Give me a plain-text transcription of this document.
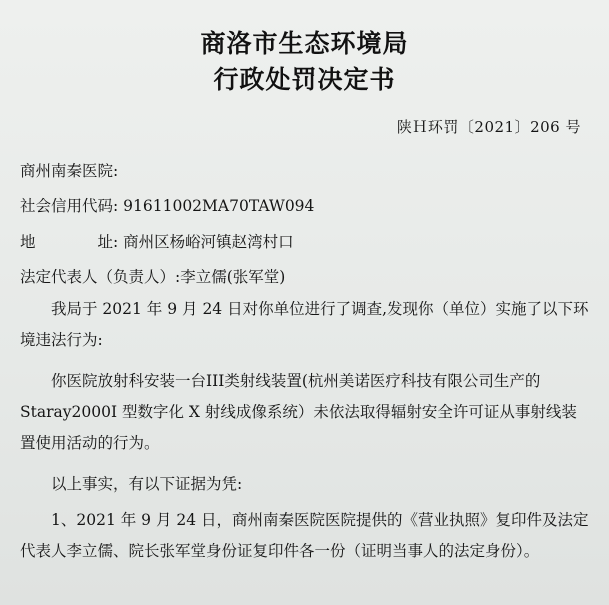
商洛市生态环境局
行政处罚决定书
陕Ｈ环罚〔2021〕206 号
商州南秦医院:
社会信用代码: 91611002MA70TAW094
地	址: 商州区杨峪河镇赵湾村口
法定代表人（负责人）:李立儒(张军堂)
我局于 2021 年 9 月 24 日对你单位进行了调查,发现你（单位）实施了以下环境违法行为:
你医院放射科安装一台III类射线装置(杭州美诺医疗科技有限公司生产的 Staray2000I 型数字化 X 射线成像系统）未依法取得辐射安全许可证从事射线装置使用活动的行为。
以上事实，有以下证据为凭:
1、2021 年 9 月 24 日，商州南秦医院医院提供的《营业执照》复印件及法定代表人李立儒、院长张军堂身份证复印件各一份（证明当事人的法定身份）。
